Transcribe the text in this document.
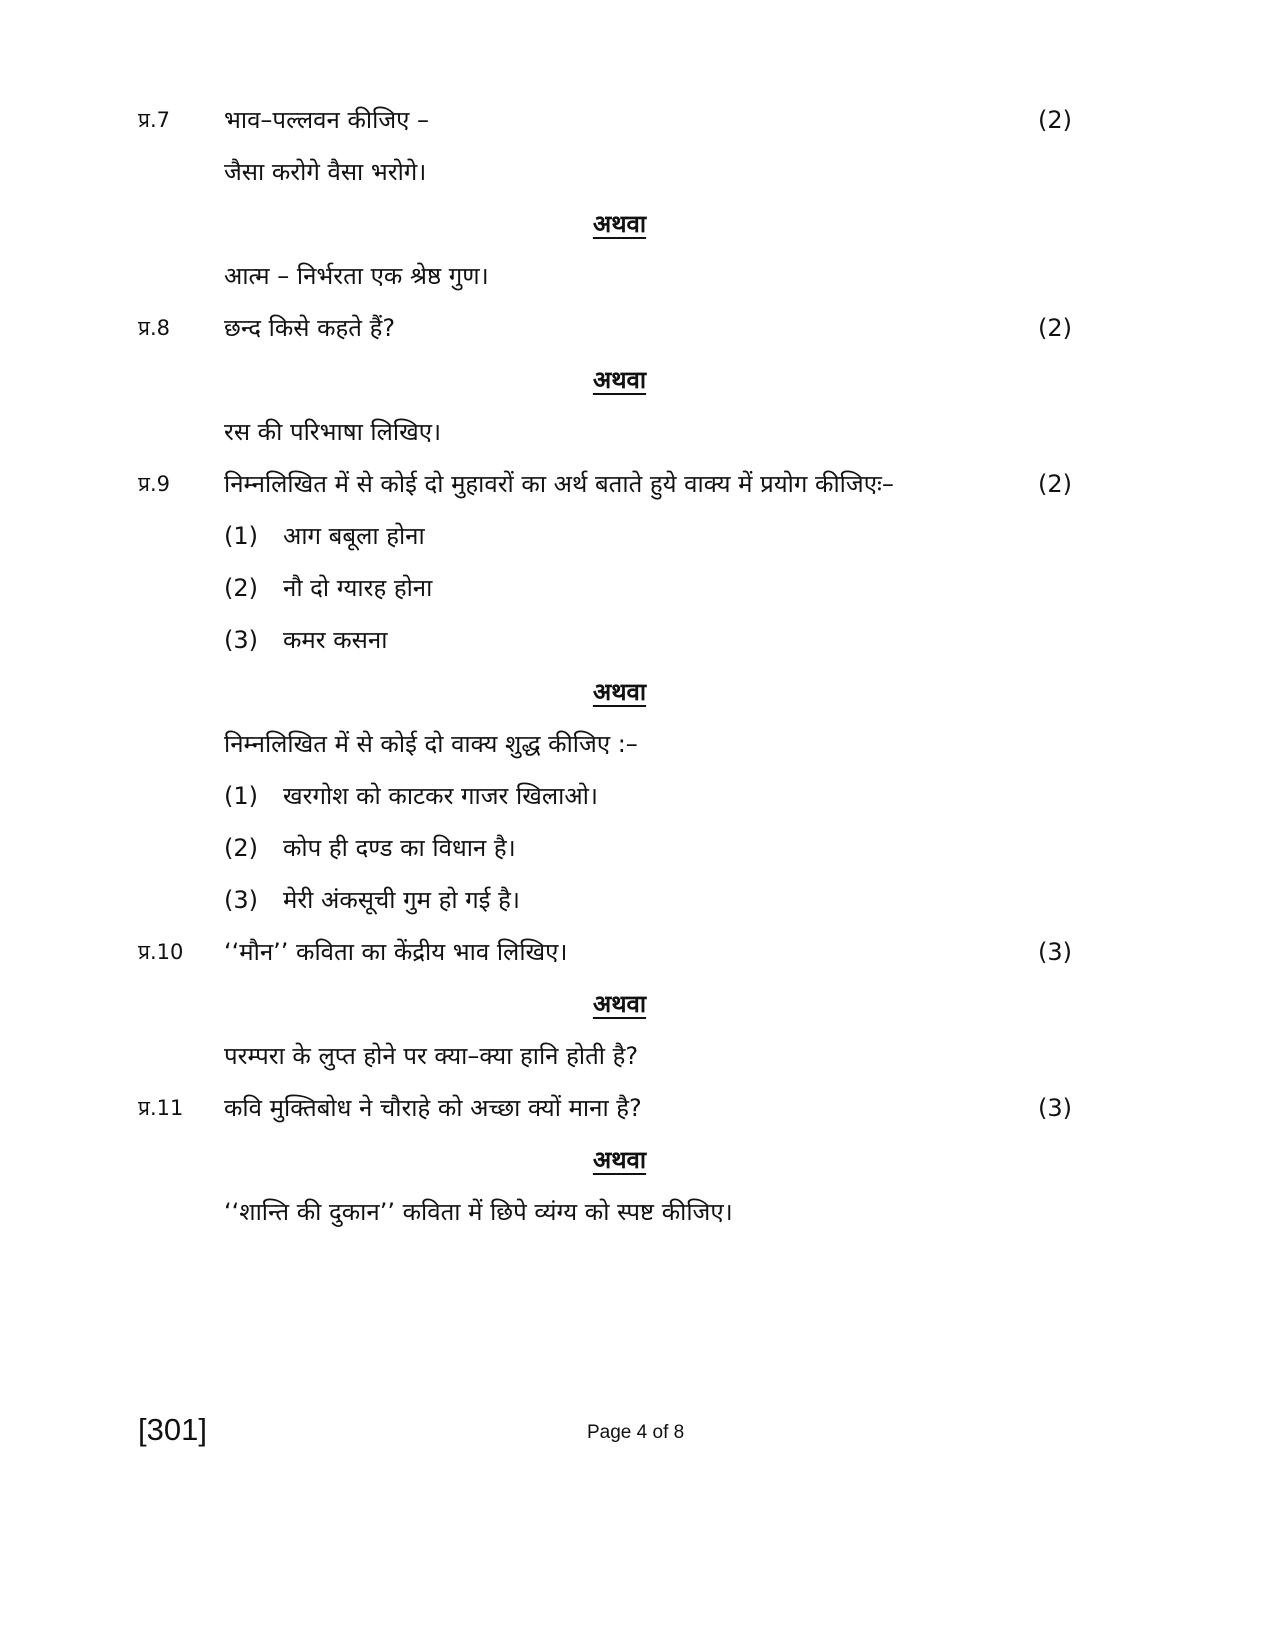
प्र.7 भाव–पल्लवन कीजिए –	(2)
जैसा करोगे वैसा भरोगे।
अथवा
आत्म – निर्भरता एक श्रेष्ठ गुण।
प्र.8 छन्द किसे कहते हैं?	(2)
अथवा
रस की परिभाषा लिखिए।
प्र.9 निम्नलिखित में से कोई दो मुहावरों का अर्थ बताते हुये वाक्य में प्रयोग कीजिएः–	(2)
(1) आग बबूला होना
(2) नौ दो ग्यारह होना
(3) कमर कसना
अथवा
निम्नलिखित में से कोई दो वाक्य शुद्ध कीजिए :–
(1) खरगोश को काटकर गाजर खिलाओ।
(2) कोप ही दण्ड का विधान है।
(3) मेरी अंकसूची गुम हो गई है।
प्र.10 ‘‘मौन’’ कविता का केंद्रीय भाव लिखिए।	(3)
अथवा
परम्परा के लुप्त होने पर क्या–क्या हानि होती है?
प्र.11 कवि मुक्तिबोध ने चौराहे को अच्छा क्यों माना है?	(3)
अथवा
‘‘शान्ति की दुकान’’ कविता में छिपे व्यंग्य को स्पष्ट कीजिए।
[301]	Page 4 of 8
